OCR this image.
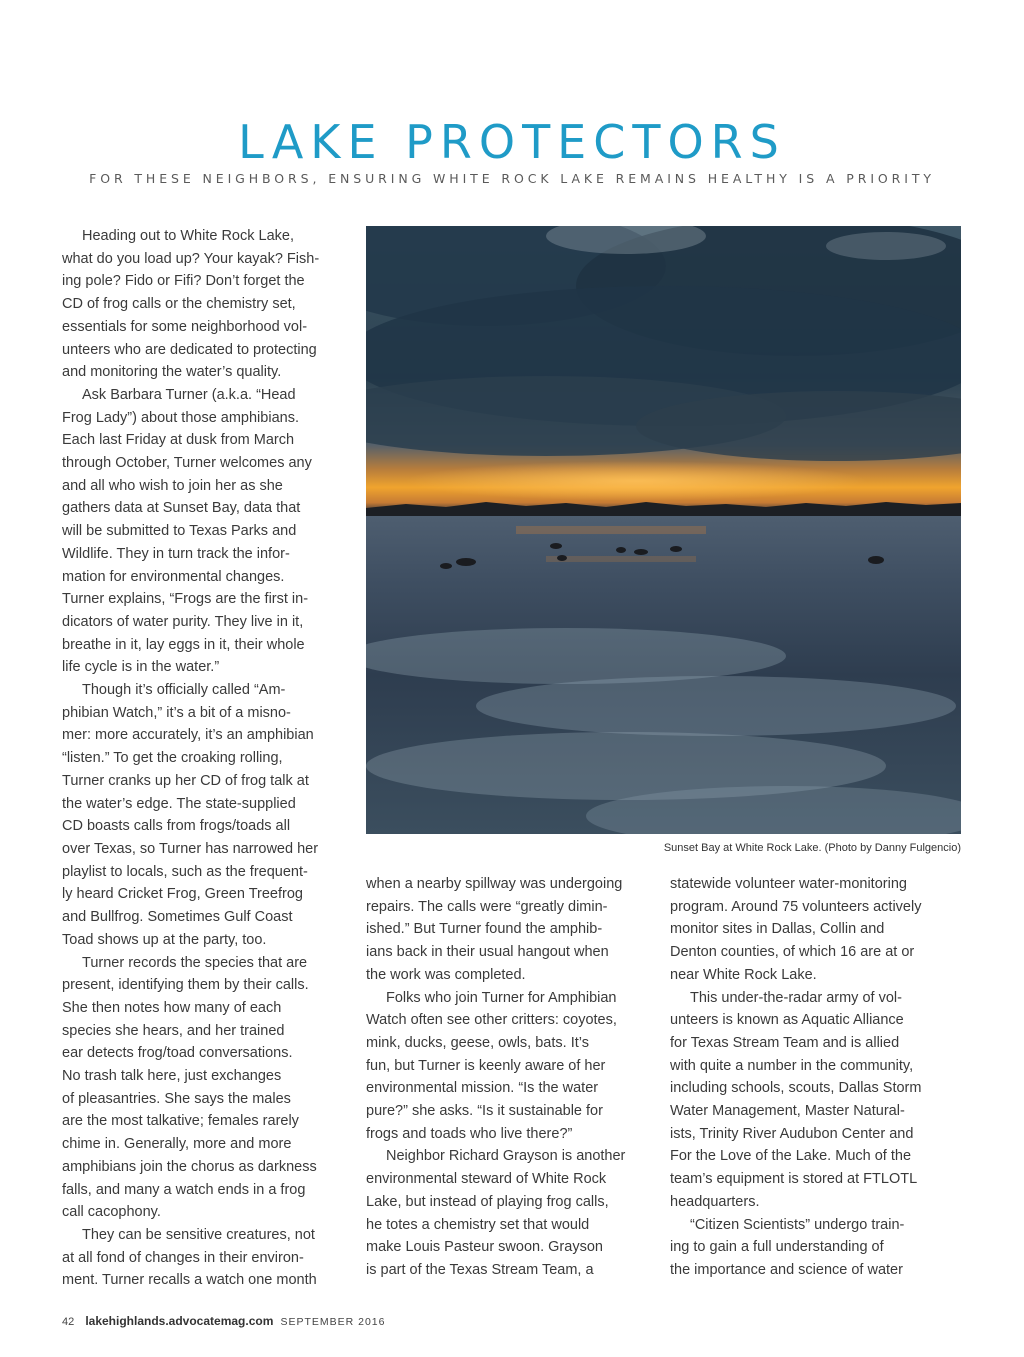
LAKE PROTECTORS
FOR THESE NEIGHBORS, ENSURING WHITE ROCK LAKE REMAINS HEALTHY IS A PRIORITY

Heading out to White Rock Lake,

what do you load up? Your kayak? Fish-

ing pole? Fido or Fifi? Don’t forget the

CD of frog calls or the chemistry set,

essentials for some neighborhood vol-

unteers who are dedicated to protecting

and monitoring the water’s quality.

Ask Barbara Turner (a.k.a. “Head

Frog Lady”) about those amphibians.

Each last Friday at dusk from March

through October, Turner welcomes any

and all who wish to join her as she

gathers data at Sunset Bay, data that

will be submitted to Texas Parks and

Wildlife. They in turn track the infor-

mation for environmental changes.

Turner explains, “Frogs are the first in-

dicators of water purity. They live in it,

breathe in it, lay eggs in it, their whole

life cycle is in the water.”

Though it’s officially called “Am-

phibian Watch,” it’s a bit of a misno-

mer: more accurately, it’s an amphibian

“listen.” To get the croaking rolling,

Turner cranks up her CD of frog talk at

the water’s edge. The state-supplied

CD boasts calls from frogs/toads all

over Texas, so Turner has narrowed her

playlist to locals, such as the frequent-

ly heard Cricket Frog, Green Treefrog

and Bullfrog. Sometimes Gulf Coast

Toad shows up at the party, too.

Turner records the species that are

present, identifying them by their calls.

She then notes how many of each

species she hears, and her trained

ear detects frog/toad conversations.

No trash talk here, just exchanges

of pleasantries. She says the males

are the most talkative; females rarely

chime in. Generally, more and more

amphibians join the chorus as darkness

falls, and many a watch ends in a frog

call cacophony.

They can be sensitive creatures, not

at all fond of changes in their environ-

ment. Turner recalls a watch one month

Sunset Bay at White Rock Lake. (Photo by Danny Fulgencio)

when a nearby spillway was undergoing

repairs. The calls were “greatly dimin-

ished.” But Turner found the amphib-

ians back in their usual hangout when

the work was completed.

Folks who join Turner for Amphibian

Watch often see other critters: coyotes,

mink, ducks, geese, owls, bats. It’s

fun, but Turner is keenly aware of her

environmental mission. “Is the water

pure?” she asks. “Is it sustainable for

frogs and toads who live there?”

Neighbor Richard Grayson is another

environmental steward of White Rock

Lake, but instead of playing frog calls,

he totes a chemistry set that would

make Louis Pasteur swoon. Grayson

is part of the Texas Stream Team, a

statewide volunteer water-monitoring

program. Around 75 volunteers actively

monitor sites in Dallas, Collin and

Denton counties, of which 16 are at or

near White Rock Lake.

This under-the-radar army of vol-

unteers is known as Aquatic Alliance

for Texas Stream Team and is allied

with quite a number in the community,

including schools, scouts, Dallas Storm

Water Management, Master Natural-

ists, Trinity River Audubon Center and

For the Love of the Lake. Much of the

team’s equipment is stored at FTLOTL

headquarters.

“Citizen Scientists” undergo train-

ing to gain a full understanding of

the importance and science of water

42 lakehighlands.advocatemag.com SEPTEMBER 2016
